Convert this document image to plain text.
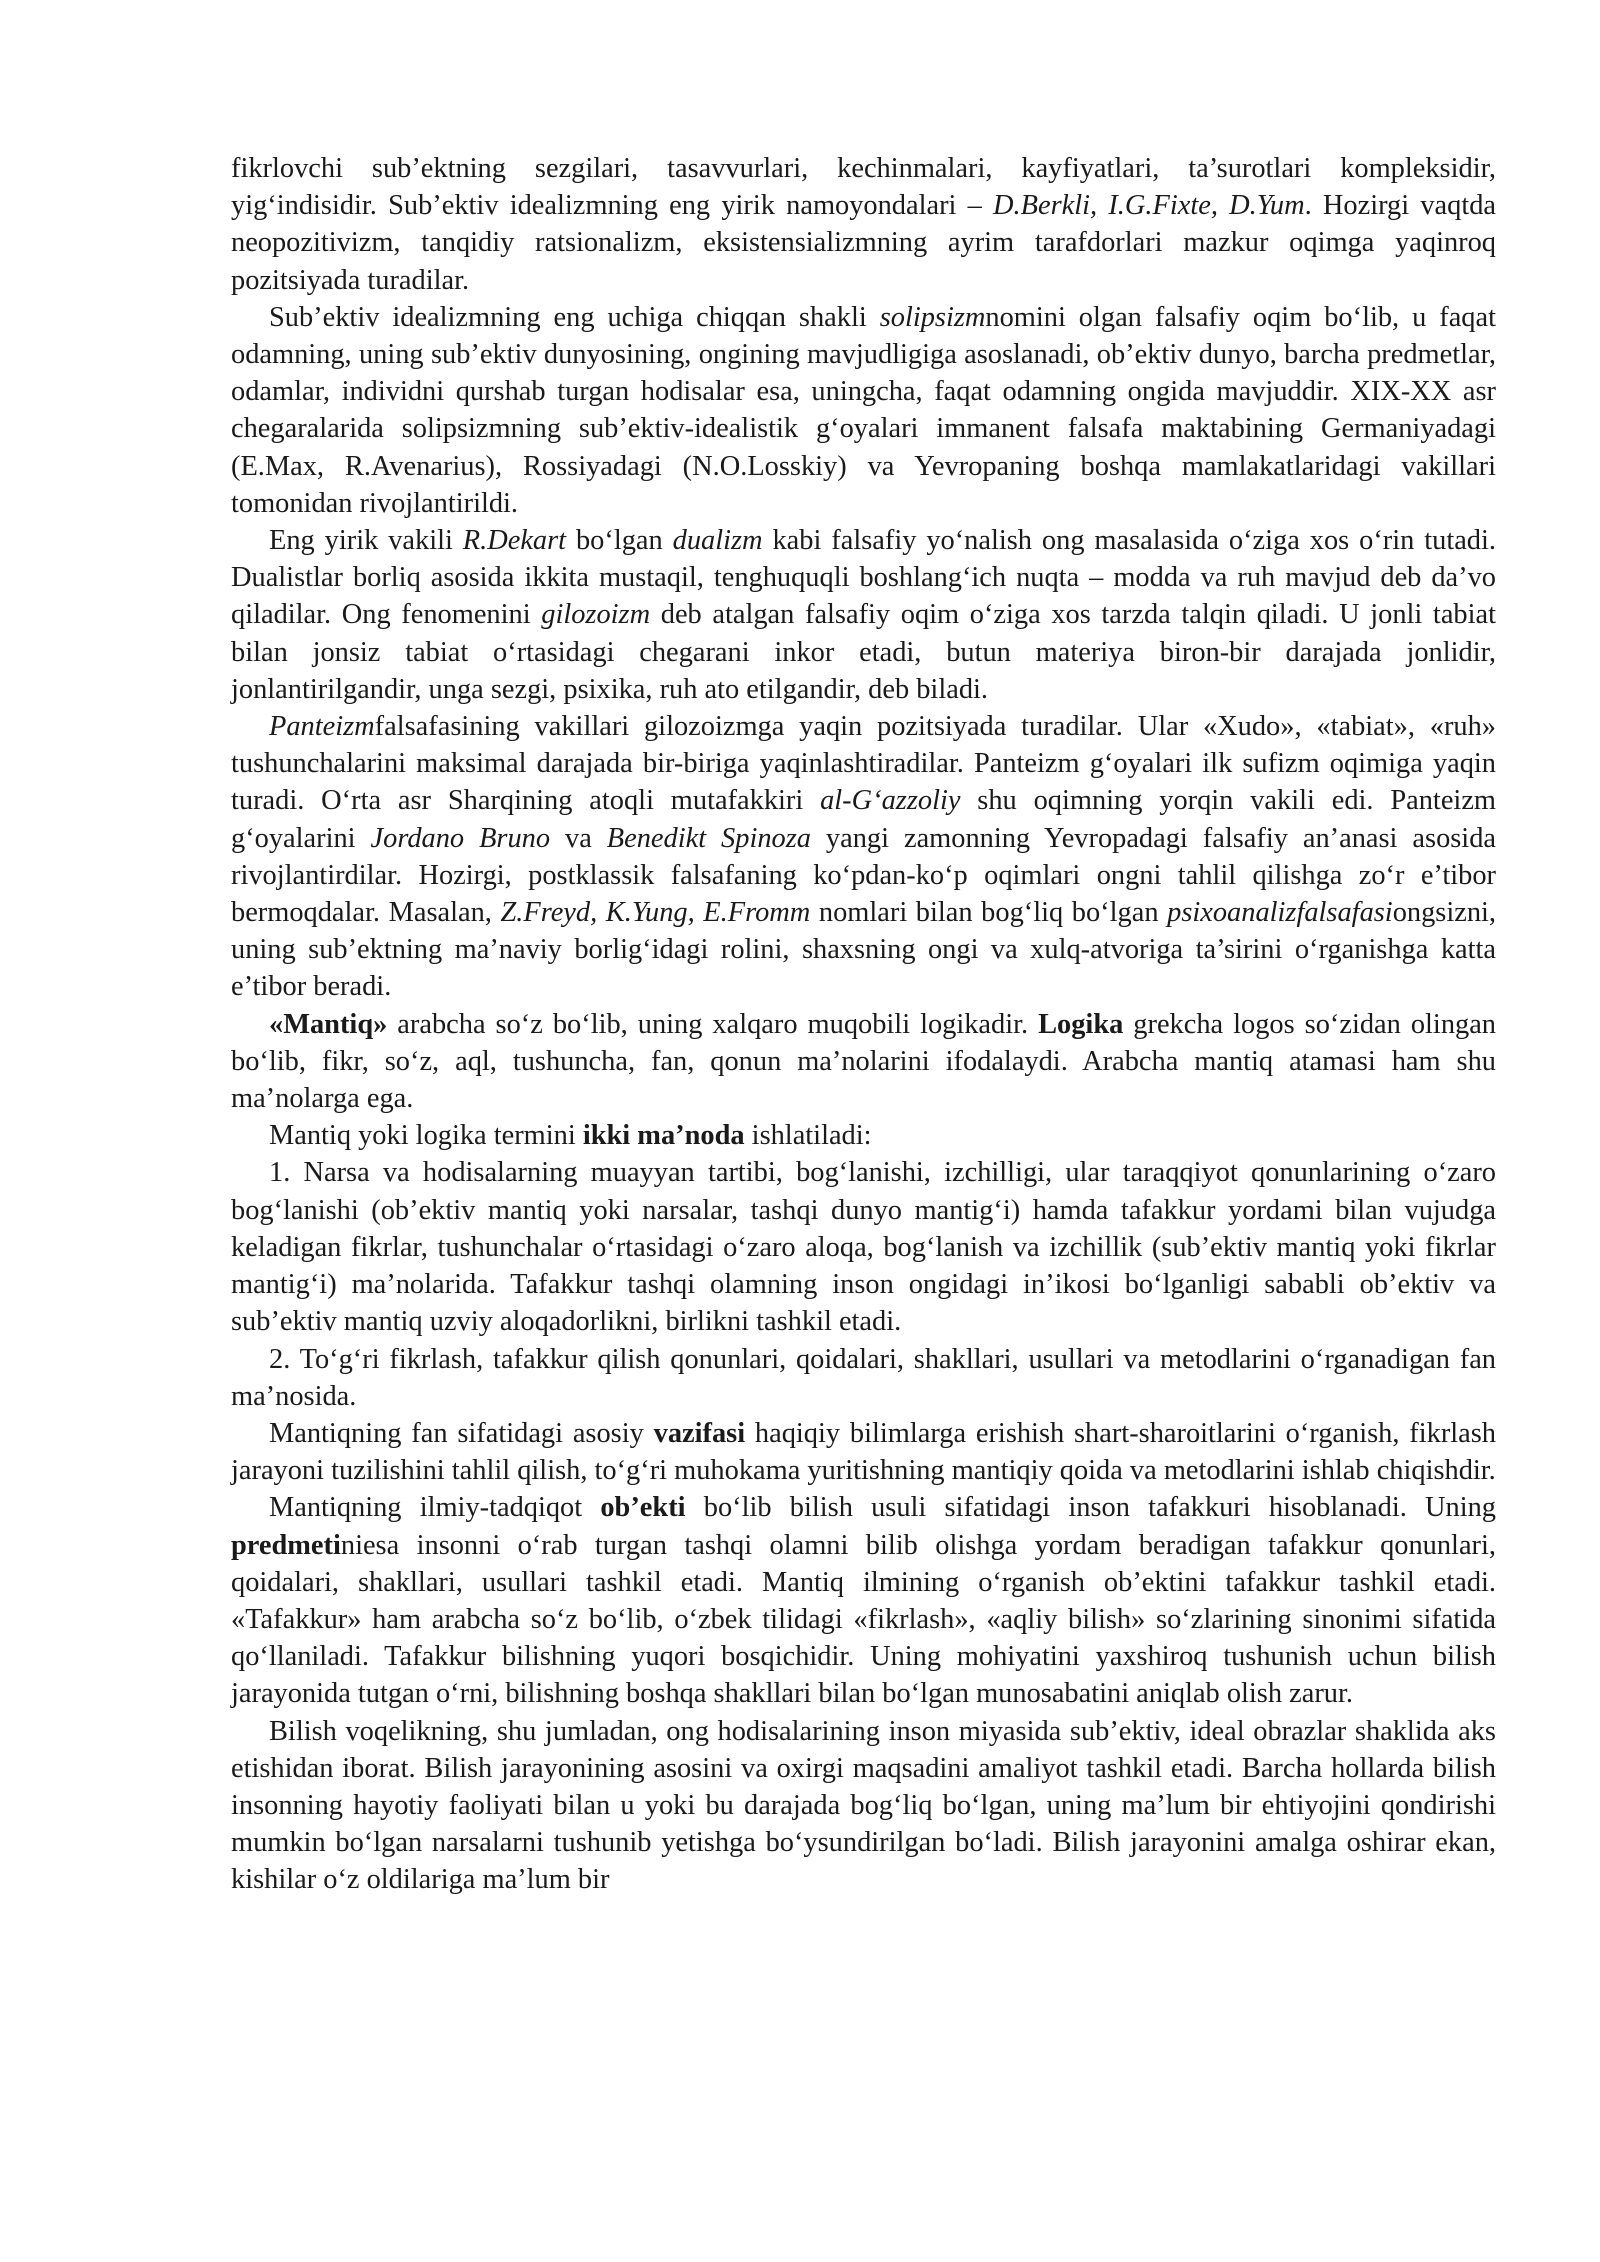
fikrlovchi sub’ektning sezgilari, tasavvurlari, kechinmalari, kayfiyatlari, ta’surotlari kompleksidir, yig‘indisidir. Sub’ektiv idealizmning eng yirik namoyondalari – D.Berkli, I.G.Fixte, D.Yum. Hozirgi vaqtda neopozitivizm, tanqidiy ratsionalizm, eksistensializmning ayrim tarafdorlari mazkur oqimga yaqinroq pozitsiyada turadilar.

Sub’ektiv idealizmning eng uchiga chiqqan shakli solipsizmnomini olgan falsafiy oqim bo‘lib, u faqat odamning, uning sub’ektiv dunyosining, ongining mavjudligiga asoslanadi, ob’ektiv dunyo, barcha predmetlar, odamlar, individni qurshab turgan hodisalar esa, uningcha, faqat odamning ongida mavjuddir. XIX-XX asr chegaralarida solipsizmning sub’ektiv-idealistik g‘oyalari immanent falsafa maktabining Germaniyadagi (E.Max, R.Avenarius), Rossiyadagi (N.O.Losskiy) va Yevropaning boshqa mamlakatlaridagi vakillari tomonidan rivojlantirildi.

Eng yirik vakili R.Dekart bo‘lgan dualizm kabi falsafiy yo‘nalish ong masalasida o‘ziga xos o‘rin tutadi. Dualistlar borliq asosida ikkita mustaqil, tenghuquqli boshlang‘ich nuqta – modda va ruh mavjud deb da’vo qiladilar. Ong fenomenini gilozoizm deb atalgan falsafiy oqim o‘ziga xos tarzda talqin qiladi. U jonli tabiat bilan jonsiz tabiat o‘rtasidagi chegarani inkor etadi, butun materiya biron-bir darajada jonlidir, jonlantirilgandir, unga sezgi, psixika, ruh ato etilgandir, deb biladi.

Panteizmfalsafasining vakillari gilozoizmga yaqin pozitsiyada turadilar. Ular «Xudo», «tabiat», «ruh» tushunchalarini maksimal darajada bir-biriga yaqinlashtiradilar. Panteizm g‘oyalari ilk sufizm oqimiga yaqin turadi. O‘rta asr Sharqining atoqli mutafakkiri al-G‘azzoliy shu oqimning yorqin vakili edi. Panteizm g‘oyalarini Jordano Bruno va Benedikt Spinoza yangi zamonning Yevropadagi falsafiy an’anasi asosida rivojlantirdilar. Hozirgi, postklassik falsafaning ko‘pdan-ko‘p oqimlari ongni tahlil qilishga zo‘r e’tibor bermoqdalar. Masalan, Z.Freyd, K.Yung, E.Fromm nomlari bilan bog‘liq bo‘lgan psixoanalizfalsafasiongsizni, uning sub’ektning ma’naviy borlig‘idagi rolini, shaxsning ongi va xulq-atvoriga ta’sirini o‘rganishga katta e’tibor beradi.

«Mantiq» arabcha so‘z bo‘lib, uning xalqaro muqobili logikadir. Logika grekcha logos so‘zidan olingan bo‘lib, fikr, so‘z, aql, tushuncha, fan, qonun ma’nolarini ifodalaydi. Arabcha mantiq atamasi ham shu ma’nolarga ega.

Mantiq yoki logika termini ikki ma’noda ishlatiladi:

1. Narsa va hodisalarning muayyan tartibi, bog‘lanishi, izchilligi, ular taraqqiyot qonunlarining o‘zaro bog‘lanishi (ob’ektiv mantiq yoki narsalar, tashqi dunyo mantig‘i) hamda tafakkur yordami bilan vujudga keladigan fikrlar, tushunchalar o‘rtasidagi o‘zaro aloqa, bog‘lanish va izchillik (sub’ektiv mantiq yoki fikrlar mantig‘i) ma’nolarida. Tafakkur tashqi olamning inson ongidagi in’ikosi bo‘lganligi sababli ob’ektiv va sub’ektiv mantiq uzviy aloqadorlikni, birlikni tashkil etadi.

2. To‘g‘ri fikrlash, tafakkur qilish qonunlari, qoidalari, shakllari, usullari va metodlarini o‘rganadigan fan ma’nosida.

Mantiqning fan sifatidagi asosiy vazifasi haqiqiy bilimlarga erishish shart-sharoitlarini o‘rganish, fikrlash jarayoni tuzilishini tahlil qilish, to‘g‘ri muhokama yuritishning mantiqiy qoida va metodlarini ishlab chiqishdir.

Mantiqning ilmiy-tadqiqot ob’ekti bo‘lib bilish usuli sifatidagi inson tafakkuri hisoblanadi. Uning predmetiniesa insonni o‘rab turgan tashqi olamni bilib olishga yordam beradigan tafakkur qonunlari, qoidalari, shakllari, usullari tashkil etadi. Mantiq ilmining o‘rganish ob’ektini tafakkur tashkil etadi. «Tafakkur» ham arabcha so‘z bo‘lib, o‘zbek tilidagi «fikrlash», «aqliy bilish» so‘zlarining sinonimi sifatida qo‘llaniladi. Tafakkur bilishning yuqori bosqichidir. Uning mohiyatini yaxshiroq tushunish uchun bilish jarayonida tutgan o‘rni, bilishning boshqa shakllari bilan bo‘lgan munosabatini aniqlab olish zarur.

Bilish voqelikning, shu jumladan, ong hodisalarining inson miyasida sub’ektiv, ideal obrazlar shaklida aks etishidan iborat. Bilish jarayonining asosini va oxirgi maqsadini amaliyot tashkil etadi. Barcha hollarda bilish insonning hayotiy faoliyati bilan u yoki bu darajada bog‘liq bo‘lgan, uning ma’lum bir ehtiyojini qondirishi mumkin bo‘lgan narsalarni tushunib yetishga bo‘ysundirilgan bo‘ladi. Bilish jarayonini amalga oshirar ekan, kishilar o‘z oldilariga ma’lum bir
